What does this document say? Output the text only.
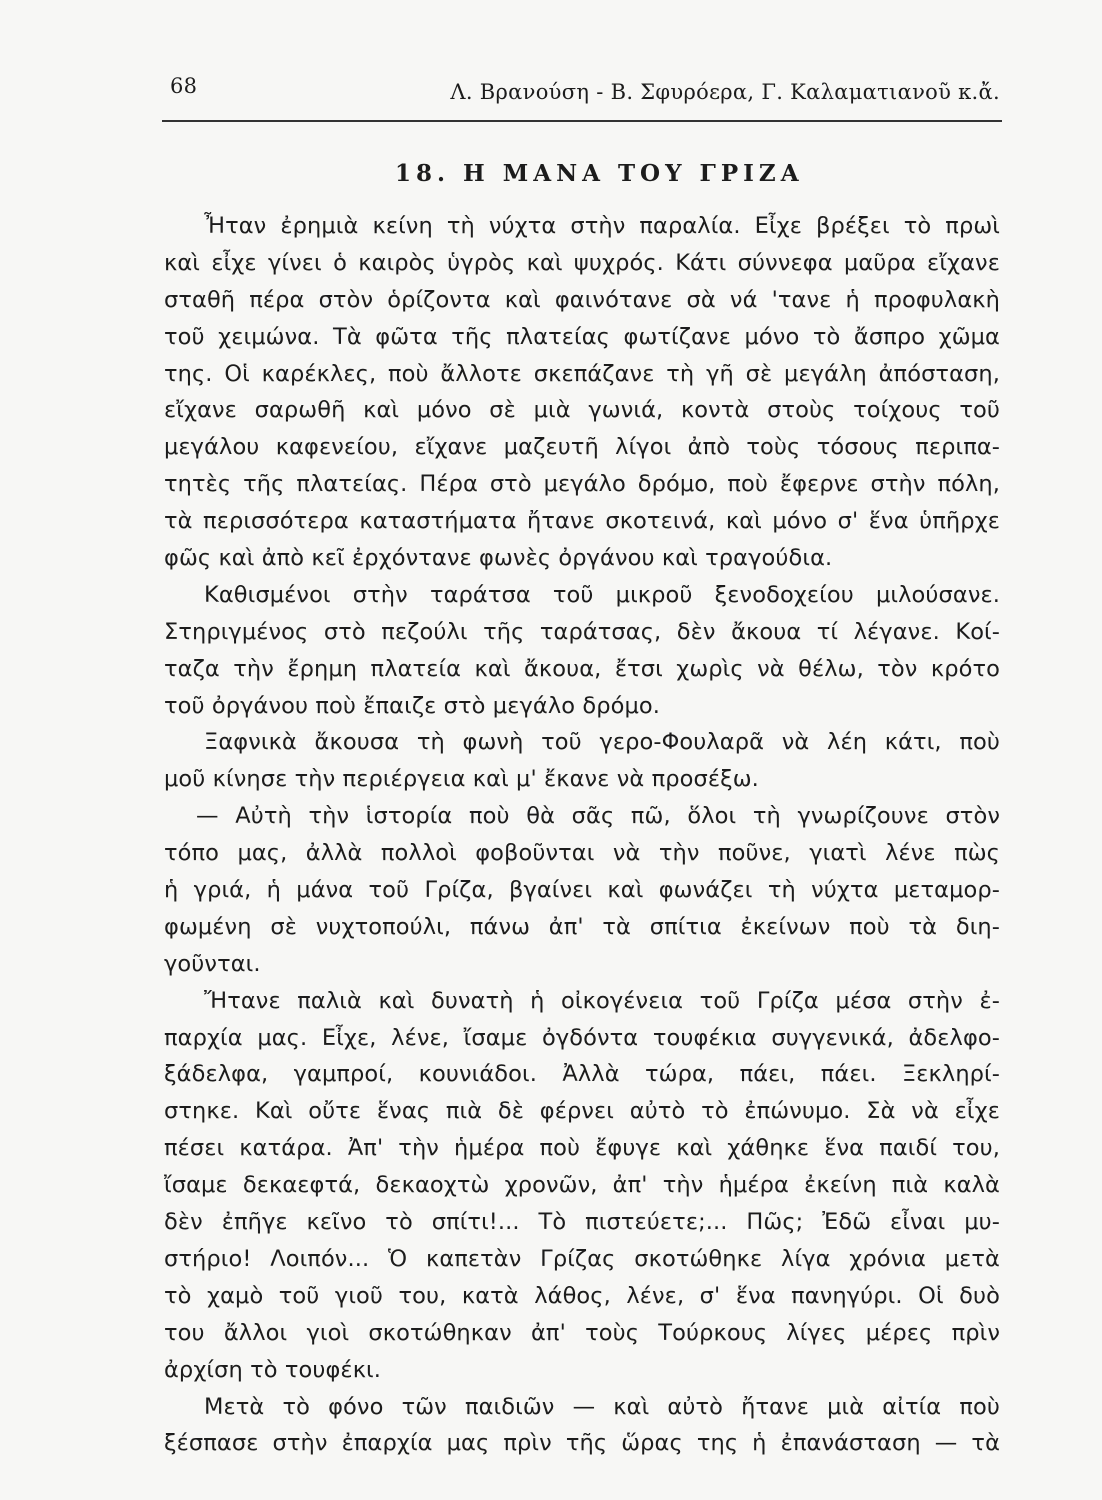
68	Λ. Βρανούση - Β. Σφυρόερα, Γ. Καλαματιανοῦ κ.ἄ.
18. Η ΜΑΝΑ ΤΟΥ ΓΡΙΖΑ
Ἦταν ἐρημιὰ κείνη τὴ νύχτα στὴν παραλία. Εἶχε βρέξει τὸ πρωὶ
καὶ εἶχε γίνει ὁ καιρὸς ὑγρὸς καὶ ψυχρός. Κάτι σύννεφα μαῦρα εἴχανε
σταθῆ πέρα στὸν ὁρίζοντα καὶ φαινότανε σὰ νά 'τανε ἡ προφυλακὴ
τοῦ χειμώνα. Τὰ φῶτα τῆς πλατείας φωτίζανε μόνο τὸ ἄσπρο χῶμα
της. Οἱ καρέκλες, ποὺ ἄλλοτε σκεπάζανε τὴ γῆ σὲ μεγάλη ἀπόσταση,
εἴχανε σαρωθῆ καὶ μόνο σὲ μιὰ γωνιά, κοντὰ στοὺς τοίχους τοῦ
μεγάλου καφενείου, εἴχανε μαζευτῆ λίγοι ἀπὸ τοὺς τόσους περιπα-
τητὲς τῆς πλατείας. Πέρα στὸ μεγάλο δρόμο, ποὺ ἔφερνε στὴν πόλη,
τὰ περισσότερα καταστήματα ἤτανε σκοτεινά, καὶ μόνο σ' ἕνα ὑπῆρχε
φῶς καὶ ἀπὸ κεῖ ἐρχόντανε φωνὲς ὀργάνου καὶ τραγούδια.
Καθισμένοι στὴν ταράτσα τοῦ μικροῦ ξενοδοχείου μιλούσανε.
Στηριγμένος στὸ πεζούλι τῆς ταράτσας, δὲν ἄκουα τί λέγανε. Κοί-
ταζα τὴν ἔρημη πλατεία καὶ ἄκουα, ἔτσι χωρὶς νὰ θέλω, τὸν κρότο
τοῦ ὀργάνου ποὺ ἔπαιζε στὸ μεγάλο δρόμο.
Ξαφνικὰ ἄκουσα τὴ φωνὴ τοῦ γερο-Φουλαρᾶ νὰ λέη κάτι, ποὺ
μοῦ κίνησε τὴν περιέργεια καὶ μ' ἔκανε νὰ προσέξω.
— Αὐτὴ τὴν ἱστορία ποὺ θὰ σᾶς πῶ, ὅλοι τὴ γνωρίζουνε στὸν
τόπο μας, ἀλλὰ πολλοὶ φοβοῦνται νὰ τὴν ποῦνε, γιατὶ λένε πὼς
ἡ γριά, ἡ μάνα τοῦ Γρίζα, βγαίνει καὶ φωνάζει τὴ νύχτα μεταμορ-
φωμένη σὲ νυχτοπούλι, πάνω ἀπ' τὰ σπίτια ἐκείνων ποὺ τὰ διη-
γοῦνται.
Ἤτανε παλιὰ καὶ δυνατὴ ἡ οἰκογένεια τοῦ Γρίζα μέσα στὴν ἐ-
παρχία μας. Εἶχε, λένε, ἴσαμε ὀγδόντα τουφέκια συγγενικά, ἀδελφο-
ξάδελφα, γαμπροί, κουνιάδοι. Ἀλλὰ τώρα, πάει, πάει. Ξεκληρί-
στηκε. Καὶ οὔτε ἕνας πιὰ δὲ φέρνει αὐτὸ τὸ ἐπώνυμο. Σὰ νὰ εἶχε
πέσει κατάρα. Ἀπ' τὴν ἡμέρα ποὺ ἔφυγε καὶ χάθηκε ἕνα παιδί του,
ἴσαμε δεκαεφτά, δεκαοχτὼ χρονῶν, ἀπ' τὴν ἡμέρα ἐκείνη πιὰ καλὰ
δὲν ἐπῆγε κεῖνο τὸ σπίτι!... Τὸ πιστεύετε;... Πῶς; Ἐδῶ εἶναι μυ-
στήριο! Λοιπόν... Ὁ καπετὰν Γρίζας σκοτώθηκε λίγα χρόνια μετὰ
τὸ χαμὸ τοῦ γιοῦ του, κατὰ λάθος, λένε, σ' ἕνα πανηγύρι. Οἱ δυὸ
του ἄλλοι γιοὶ σκοτώθηκαν ἀπ' τοὺς Τούρκους λίγες μέρες πρὶν
ἀρχίση τὸ τουφέκι.
Μετὰ τὸ φόνο τῶν παιδιῶν — καὶ αὐτὸ ἤτανε μιὰ αἰτία ποὺ
ξέσπασε στὴν ἐπαρχία μας πρὶν τῆς ὥρας της ἡ ἐπανάσταση — τὰ
